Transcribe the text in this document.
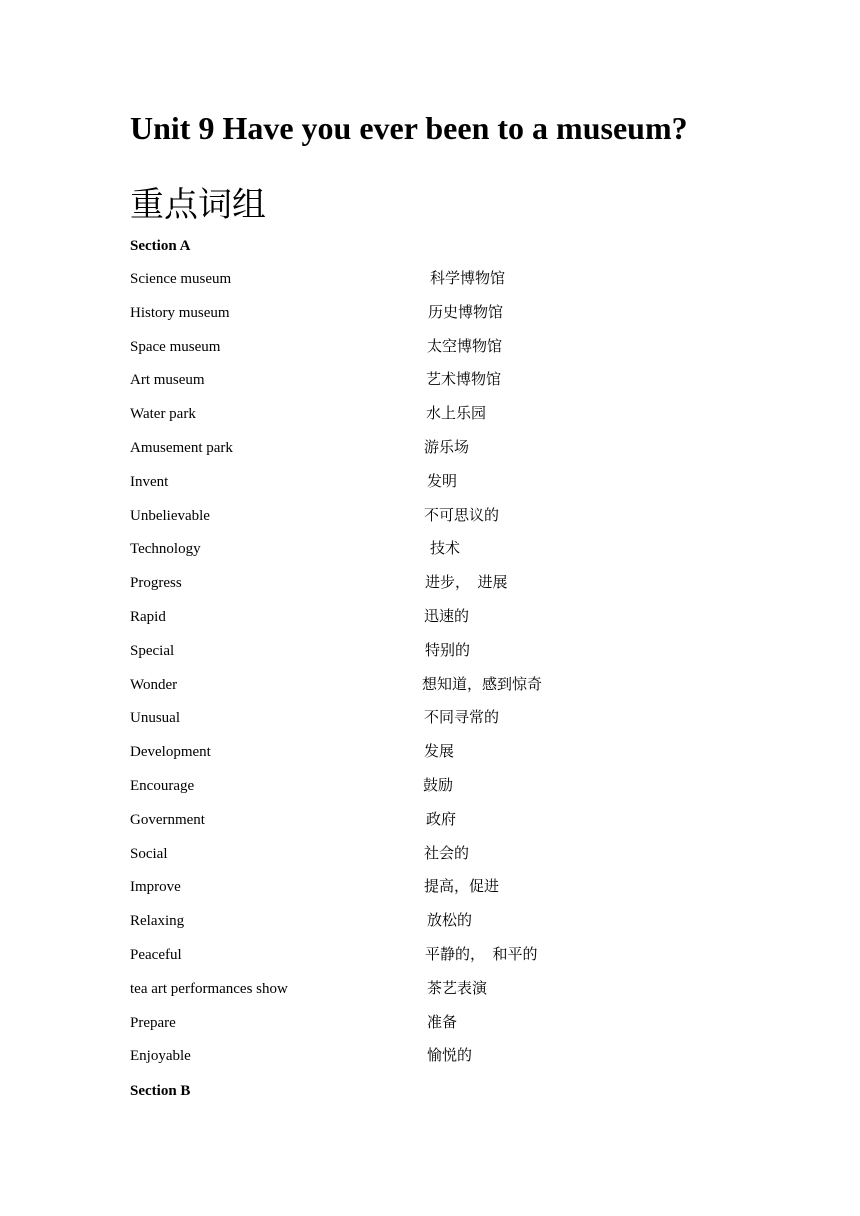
Unit 9 Have you ever been to a museum?
重点词组
Section A
Science museum	科学博物馆
History museum	历史博物馆
Space museum	太空博物馆
Art museum	艺术博物馆
Water park	水上乐园
Amusement park	游乐场
Invent	发明
Unbelievable	不可思议的
Technology	技术
Progress	进步，  进展
Rapid	迅速的
Special	特别的
Wonder	想知道，感到惊奇
Unusual	不同寻常的
Development	发展
Encourage	鼓励
Government	政府
Social	社会的
Improve	提高，促进
Relaxing	放松的
Peaceful	平静的，  和平的
tea art performances show	茶艺表演
Prepare	准备
Enjoyable	愉悦的
Section B
